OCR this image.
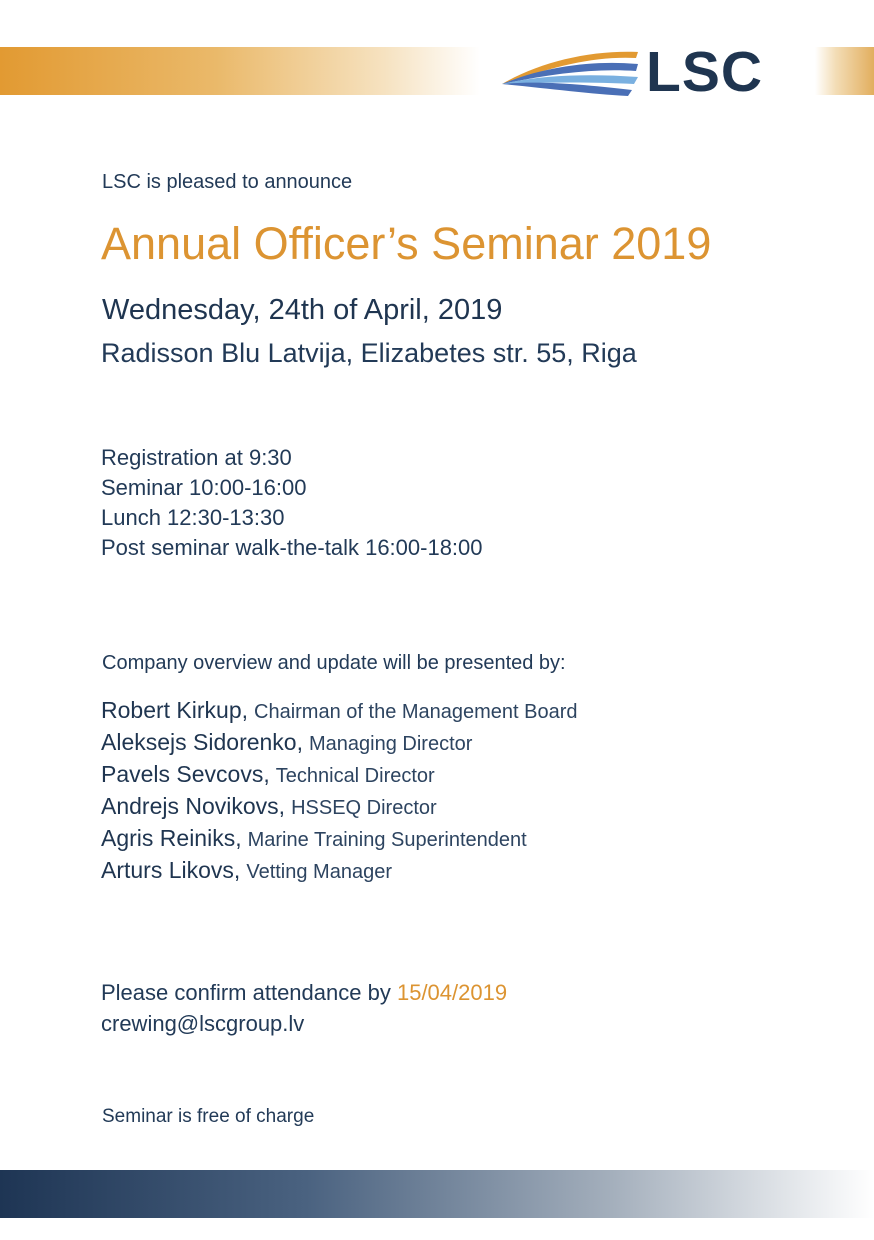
LSC
LSC is pleased to announce
Annual Officer’s Seminar 2019
Wednesday, 24th of April, 2019
Radisson Blu Latvija, Elizabetes str. 55, Riga
Registration at 9:30
Seminar 10:00-16:00
Lunch 12:30-13:30
Post seminar walk-the-talk 16:00-18:00
Company overview and update will be presented by:
Robert Kirkup, Chairman of the Management Board
Aleksejs Sidorenko, Managing Director
Pavels Sevcovs, Technical Director
Andrejs Novikovs, HSSEQ Director
Agris Reiniks, Marine Training Superintendent
Arturs Likovs, Vetting Manager
Please confirm attendance by 15/04/2019
crewing@lscgroup.lv
Seminar is free of charge
